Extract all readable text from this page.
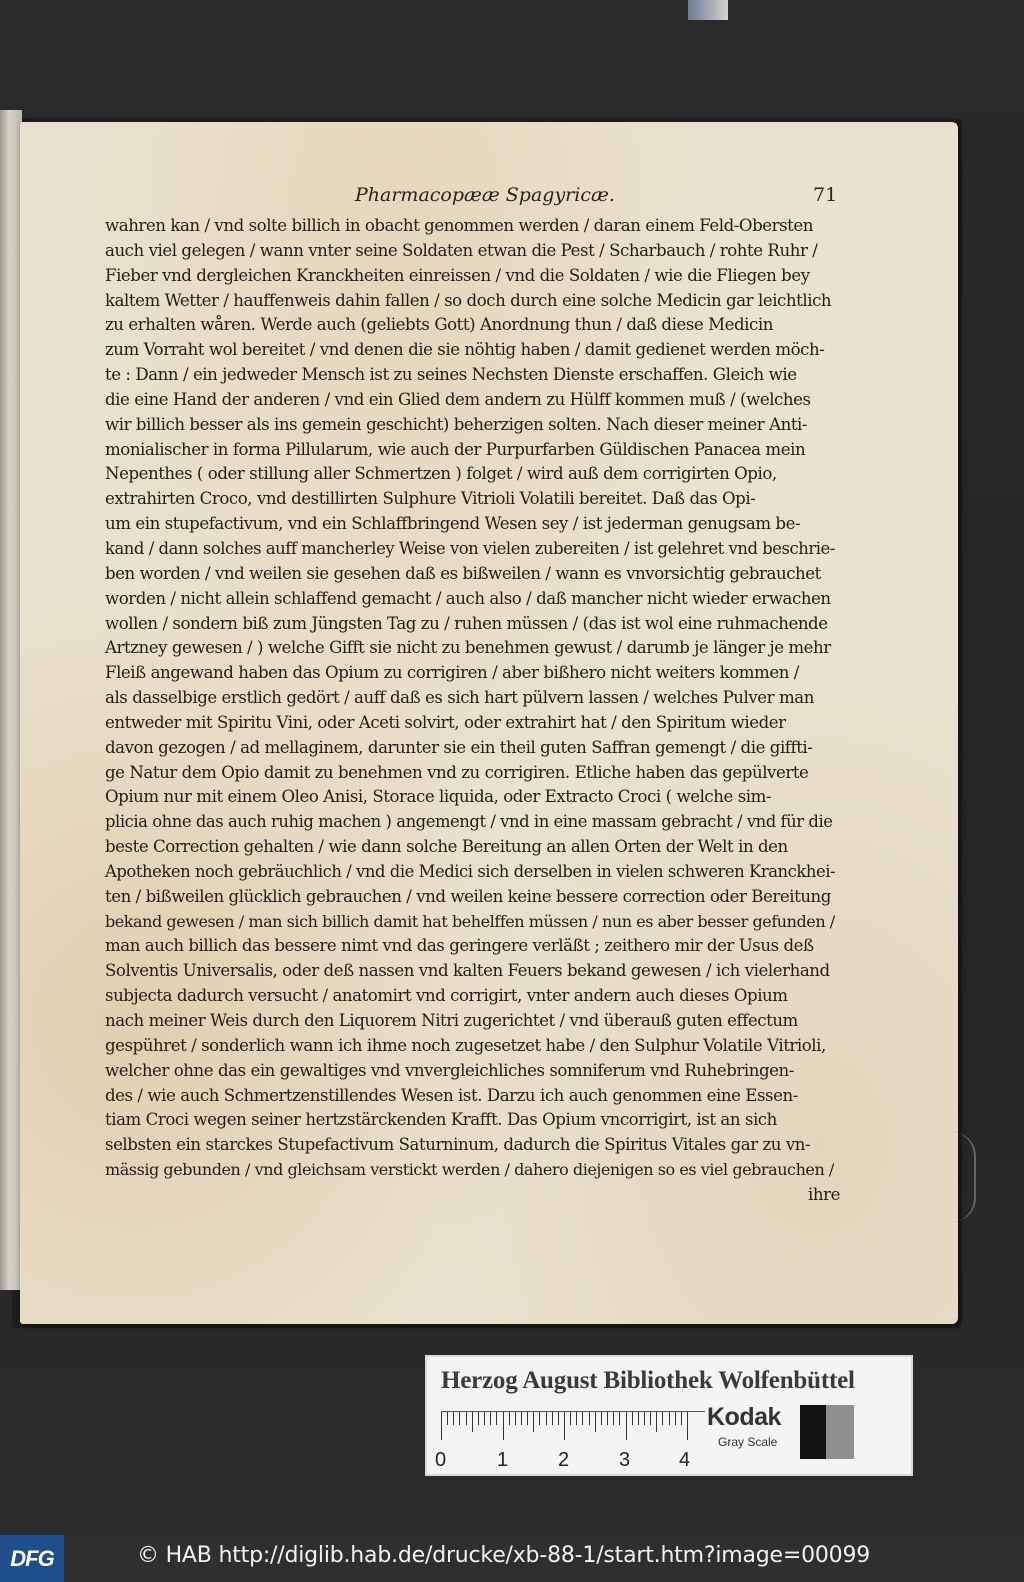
Pharmacopææ Spagyricæ.	71
wahren kan / vnd solte billich in obacht genommen werden / daran einem Feld-Obersten
auch viel gelegen / wann vnter seine Soldaten etwan die Pest / Scharbauch / rohte Ruhr /
Fieber vnd dergleichen Kranckheiten einreissen / vnd die Soldaten / wie die Fliegen bey
kaltem Wetter / hauffenweis dahin fallen / so doch durch eine solche Medicin gar leichtlich
zu erhalten wåren. Werde auch (geliebts Gott) Anordnung thun / daß diese Medicin
zum Vorraht wol bereitet / vnd denen die sie nöhtig haben / damit gedienet werden möch-
te : Dann / ein jedweder Mensch ist zu seines Nechsten Dienste erschaffen. Gleich wie
die eine Hand der anderen / vnd ein Glied dem andern zu Hülff kommen muß / (welches
wir billich besser als ins gemein geschicht) beherzigen solten. Nach dieser meiner Anti-
monialischer in forma Pillularum, wie auch der Purpurfarben Güldischen Panacea mein
Nepenthes ( oder stillung aller Schmertzen ) folget / wird auß dem corrigirten Opio,
extrahirten Croco, vnd destillirten Sulphure Vitrioli Volatili bereitet. Daß das Opi-
um ein stupefactivum, vnd ein Schlaffbringend Wesen sey / ist jederman genugsam be-
kand / dann solches auff mancherley Weise von vielen zubereiten / ist gelehret vnd beschrie-
ben worden / vnd weilen sie gesehen daß es bißweilen / wann es vnvorsichtig gebrauchet
worden / nicht allein schlaffend gemacht / auch also / daß mancher nicht wieder erwachen
wollen / sondern biß zum Jüngsten Tag zu / ruhen müssen / (das ist wol eine ruhmachende
Artzney gewesen / ) welche Gifft sie nicht zu benehmen gewust / darumb je länger je mehr
Fleiß angewand haben das Opium zu corrigiren / aber bißhero nicht weiters kommen /
als dasselbige erstlich gedört / auff daß es sich hart pülvern lassen / welches Pulver man
entweder mit Spiritu Vini, oder Aceti solvirt, oder extrahirt hat / den Spiritum wieder
davon gezogen / ad mellaginem, darunter sie ein theil guten Saffran gemengt / die giffti-
ge Natur dem Opio damit zu benehmen vnd zu corrigiren. Etliche haben das gepülverte
Opium nur mit einem Oleo Anisi, Storace liquida, oder Extracto Croci ( welche sim-
plicia ohne das auch ruhig machen ) angemengt / vnd in eine massam gebracht / vnd für die
beste Correction gehalten / wie dann solche Bereitung an allen Orten der Welt in den
Apotheken noch gebräuchlich / vnd die Medici sich derselben in vielen schweren Kranckhei-
ten / bißweilen glücklich gebrauchen / vnd weilen keine bessere correction oder Bereitung
bekand gewesen / man sich billich damit hat behelffen müssen / nun es aber besser gefunden /
man auch billich das bessere nimt vnd das geringere verläßt ; zeithero mir der Usus deß
Solventis Universalis, oder deß nassen vnd kalten Feuers bekand gewesen / ich vielerhand
subjecta dadurch versucht / anatomirt vnd corrigirt, vnter andern auch dieses Opium
nach meiner Weis durch den Liquorem Nitri zugerichtet / vnd überauß guten effectum
gespühret / sonderlich wann ich ihme noch zugesetzet habe / den Sulphur Volatile Vitrioli,
welcher ohne das ein gewaltiges vnd vnvergleichliches somniferum vnd Ruhebringen-
des / wie auch Schmertzenstillendes Wesen ist. Darzu ich auch genommen eine Essen-
tiam Croci wegen seiner hertzstärckenden Krafft. Das Opium vncorrigirt, ist an sich
selbsten ein starckes Stupefactivum Saturninum, dadurch die Spiritus Vitales gar zu vn-
mässig gebunden / vnd gleichsam verstickt werden / dahero diejenigen so es viel gebrauchen /
ihre
Herzog August Bibliothek Wolfenbüttel
0	1 2 3 4
Kodak
Gray Scale
DFG	© HAB http://diglib.hab.de/drucke/xb-88-1/start.htm?image=00099
